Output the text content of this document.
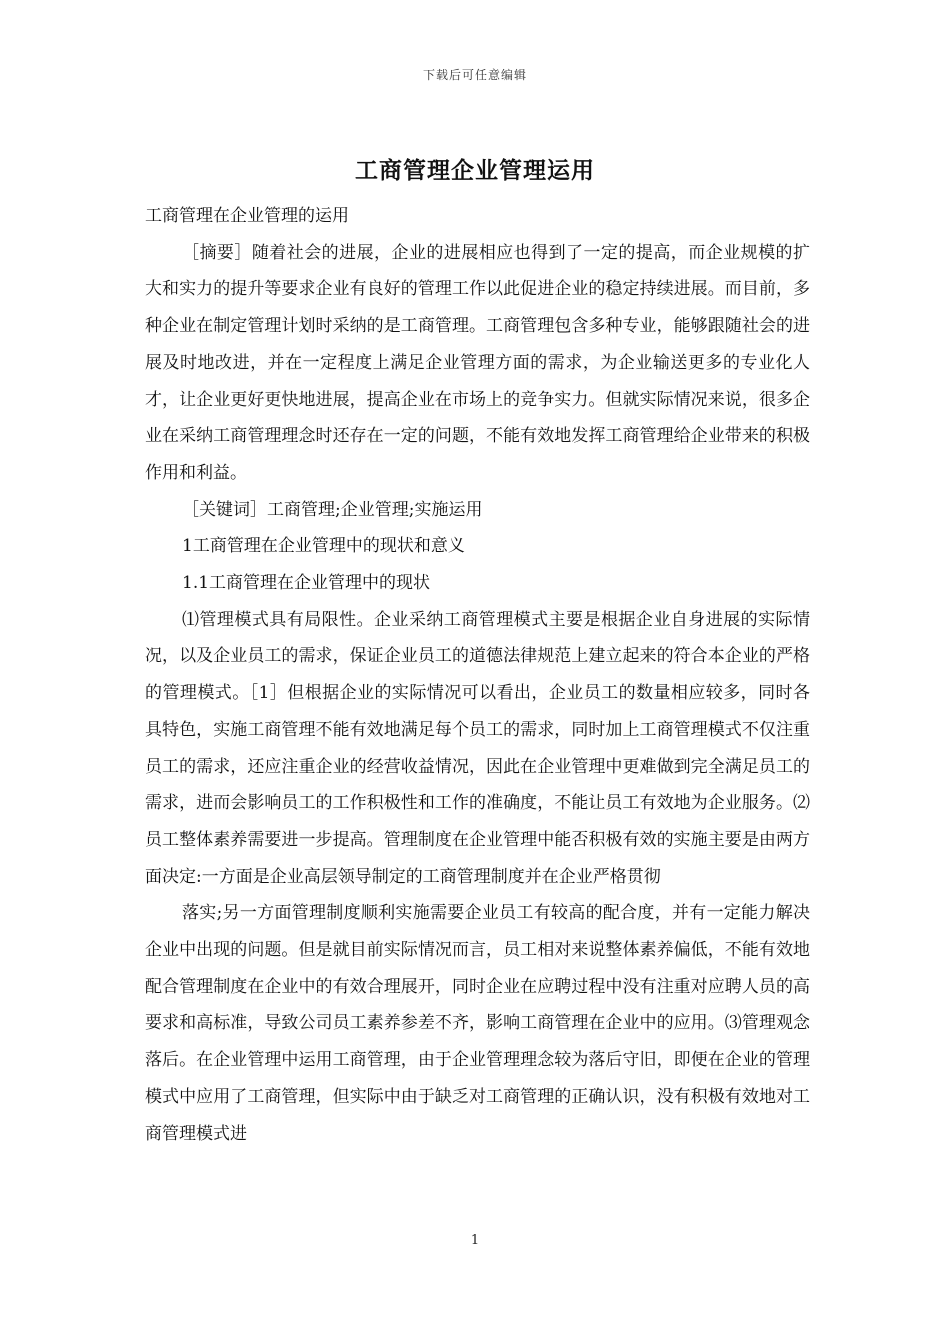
下载后可任意编辑
工商管理企业管理运用

工商管理在企业管理的运用

［摘要］随着社会的进展，企业的进展相应也得到了一定的提高，而企业规模的扩大和实力的提升等要求企业有良好的管理工作以此促进企业的稳定持续进展。而目前，多种企业在制定管理计划时采纳的是工商管理。工商管理包含多种专业，能够跟随社会的进展及时地改进，并在一定程度上满足企业管理方面的需求，为企业输送更多的专业化人才，让企业更好更快地进展，提高企业在市场上的竞争实力。但就实际情况来说，很多企业在采纳工商管理理念时还存在一定的问题，不能有效地发挥工商管理给企业带来的积极作用和利益。

［关键词］工商管理;企业管理;实施运用

1工商管理在企业管理中的现状和意义

1.1工商管理在企业管理中的现状

⑴管理模式具有局限性。企业采纳工商管理模式主要是根据企业自身进展的实际情况，以及企业员工的需求，保证企业员工的道德法律规范上建立起来的符合本企业的严格的管理模式。［1］但根据企业的实际情况可以看出，企业员工的数量相应较多，同时各具特色，实施工商管理不能有效地满足每个员工的需求，同时加上工商管理模式不仅注重员工的需求，还应注重企业的经营收益情况，因此在企业管理中更难做到完全满足员工的需求，进而会影响员工的工作积极性和工作的准确度，不能让员工有效地为企业服务。⑵员工整体素养需要进一步提高。管理制度在企业管理中能否积极有效的实施主要是由两方面决定:一方面是企业高层领导制定的工商管理制度并在企业严格贯彻

落实;另一方面管理制度顺利实施需要企业员工有较高的配合度，并有一定能力解决企业中出现的问题。但是就目前实际情况而言，员工相对来说整体素养偏低，不能有效地配合管理制度在企业中的有效合理展开，同时企业在应聘过程中没有注重对应聘人员的高要求和高标准，导致公司员工素养参差不齐，影响工商管理在企业中的应用。⑶管理观念落后。在企业管理中运用工商管理，由于企业管理理念较为落后守旧，即便在企业的管理模式中应用了工商管理，但实际中由于缺乏对工商管理的正确认识，没有积极有效地对工商管理模式进

1
